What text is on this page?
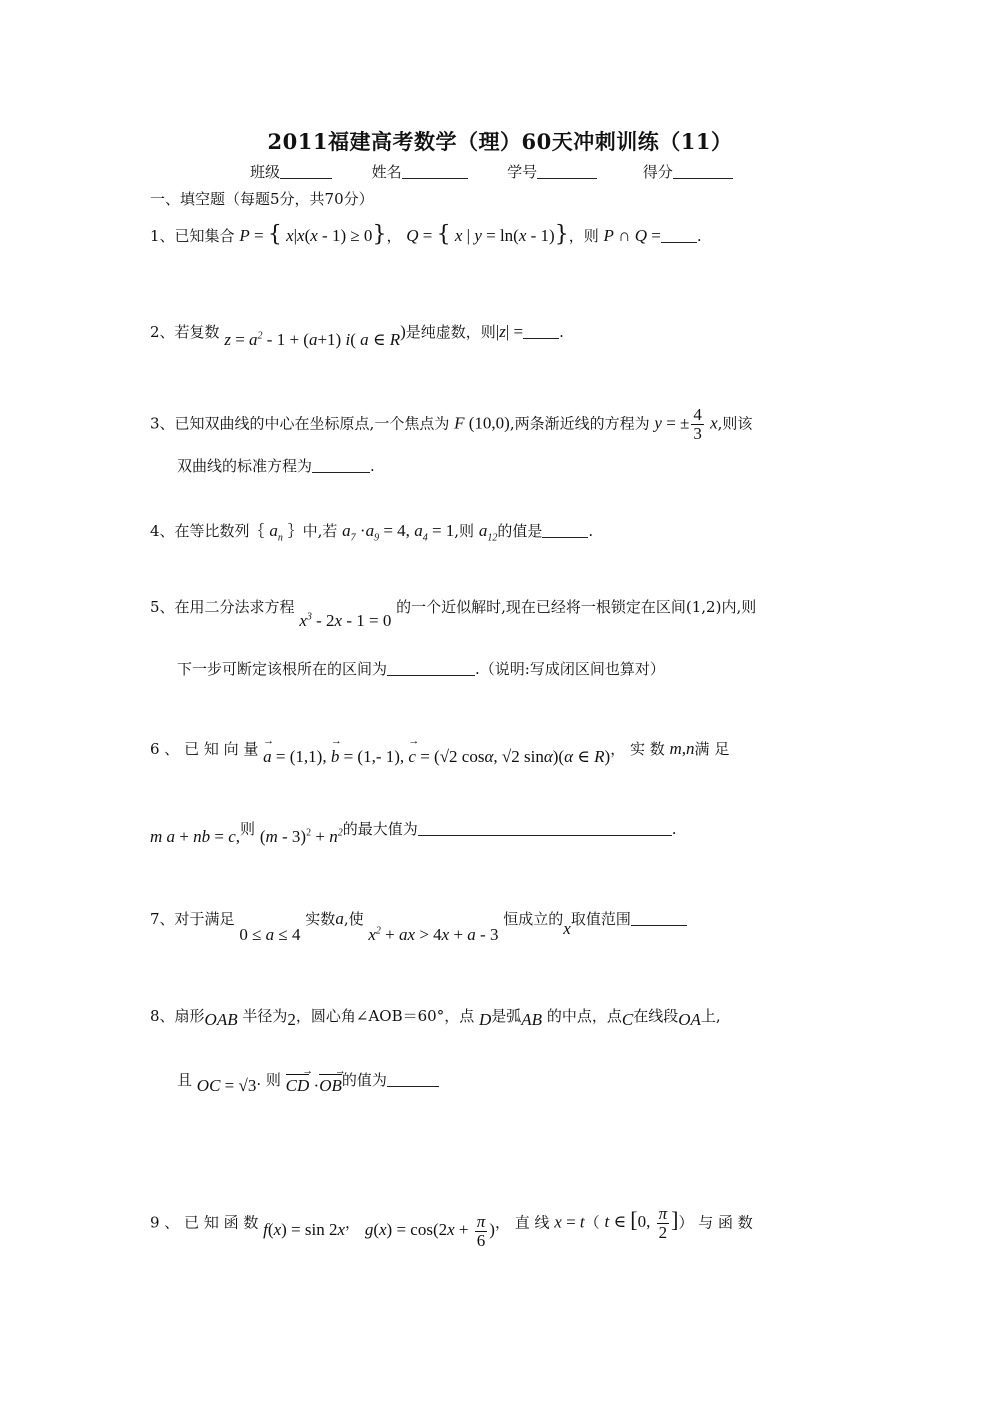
2011福建高考数学（理）60天冲刺训练（11）
班级	姓名	学号	得分
一、填空题（每题5分，共70分）
1、已知集合 P = { x|x(x - 1) ≥ 0}， Q = { x | y = ln(x - 1)}，则 P ∩ Q = .
2、若复数 $z = a^2 - 1 + (a+1)$ i( a ∈ R)是纯虚数，则|z| = .
3、已知双曲线的中心在坐标原点,一个焦点为 F (10,0),两条渐近线的方程为 y = ± $\frac{4}{3} x$,则该
双曲线的标准方程为	.
4、在等比数列｛ $a_n$ ｝中,若 $a_7 \cdot a_9 = 4$, $a_4 = 1$,则 $a_{12}$的值是	.
5、在用二分法求方程 $x^3 - 2x - 1 = 0$ 的一个近似解时,现在已经将一根锁定在区间(1,2)内,则
下一步可断定该根所在的区间为	.（说明:写成闭区间也算对）
6 、 已 知 向 量 → a = (1,1), → b = (1,- 1), → c = (√2 cosα, √2 sinα)(α ∈ R)， 实 数 m,n满 足
m a + nb = c,则 $(m - 3)^2 + n^2$的最大值为	.
7、对于满足 0 ≤ a ≤ 4 实数a,使 $x^2$ + ax > 4x + a - 3 恒成立的x取值范围
8、扇形OAB 半径为2，圆心角∠AOB＝60°，点 D是弧AB 的中点，点C在线段OA上,
且 OC = √3. 则 CD → ·OB →的值为
9 、 已 知 函 数 f(x) = sin 2x， $g(x) = \cos(2x + \frac{\pi}{6}$ )， 直 线 x = t（ t ∈ [0, $\frac{\pi}{2}$ ]） 与 函 数
